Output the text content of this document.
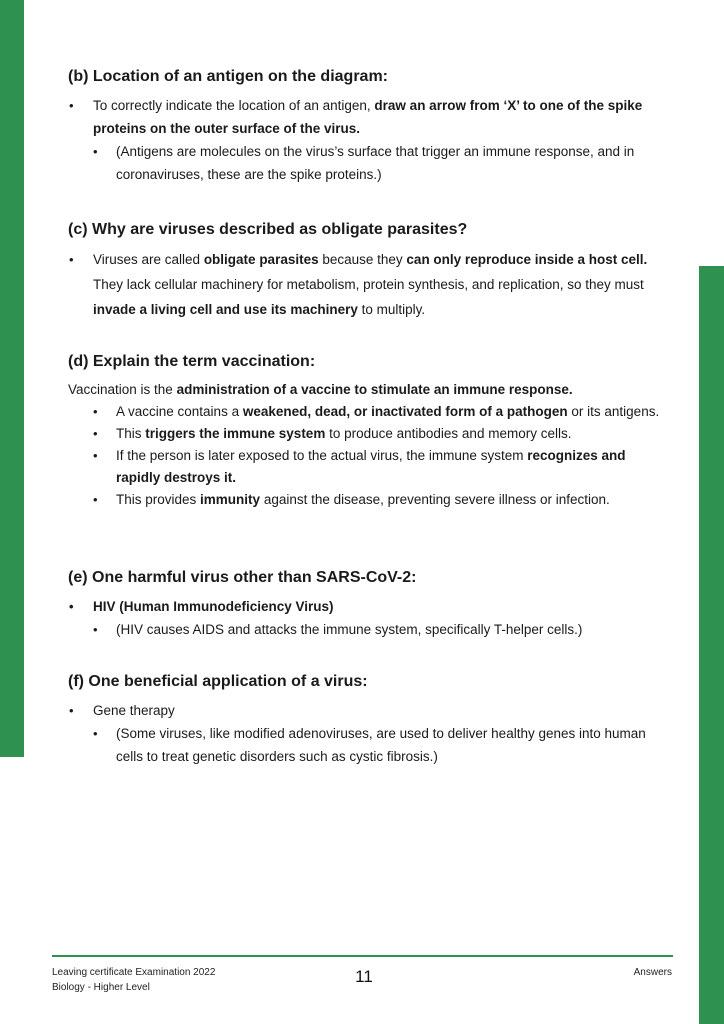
(b) Location of an antigen on the diagram:
• To correctly indicate the location of an antigen, draw an arrow from ‘X’ to one of the spike proteins on the outer surface of the virus.
• (Antigens are molecules on the virus’s surface that trigger an immune response, and in coronaviruses, these are the spike proteins.)
(c) Why are viruses described as obligate parasites?
• Viruses are called obligate parasites because they can only reproduce inside a host cell. They lack cellular machinery for metabolism, protein synthesis, and replication, so they must invade a living cell and use its machinery to multiply.
(d) Explain the term vaccination:

Vaccination is the administration of a vaccine to stimulate an immune response.

• A vaccine contains a weakened, dead, or inactivated form of a pathogen or its antigens.
• This triggers the immune system to produce antibodies and memory cells.
• If the person is later exposed to the actual virus, the immune system recognizes and rapidly destroys it.
• This provides immunity against the disease, preventing severe illness or infection.
(e) One harmful virus other than SARS-CoV-2:
• HIV (Human Immunodeficiency Virus)
• (HIV causes AIDS and attacks the immune system, specifically T-helper cells.)
(f) One beneficial application of a virus:
• Gene therapy
• (Some viruses, like modified adenoviruses, are used to deliver healthy genes into human cells to treat genetic disorders such as cystic fibrosis.)
Leaving certificate Examination 2022
Biology - Higher Level
11	Answers
